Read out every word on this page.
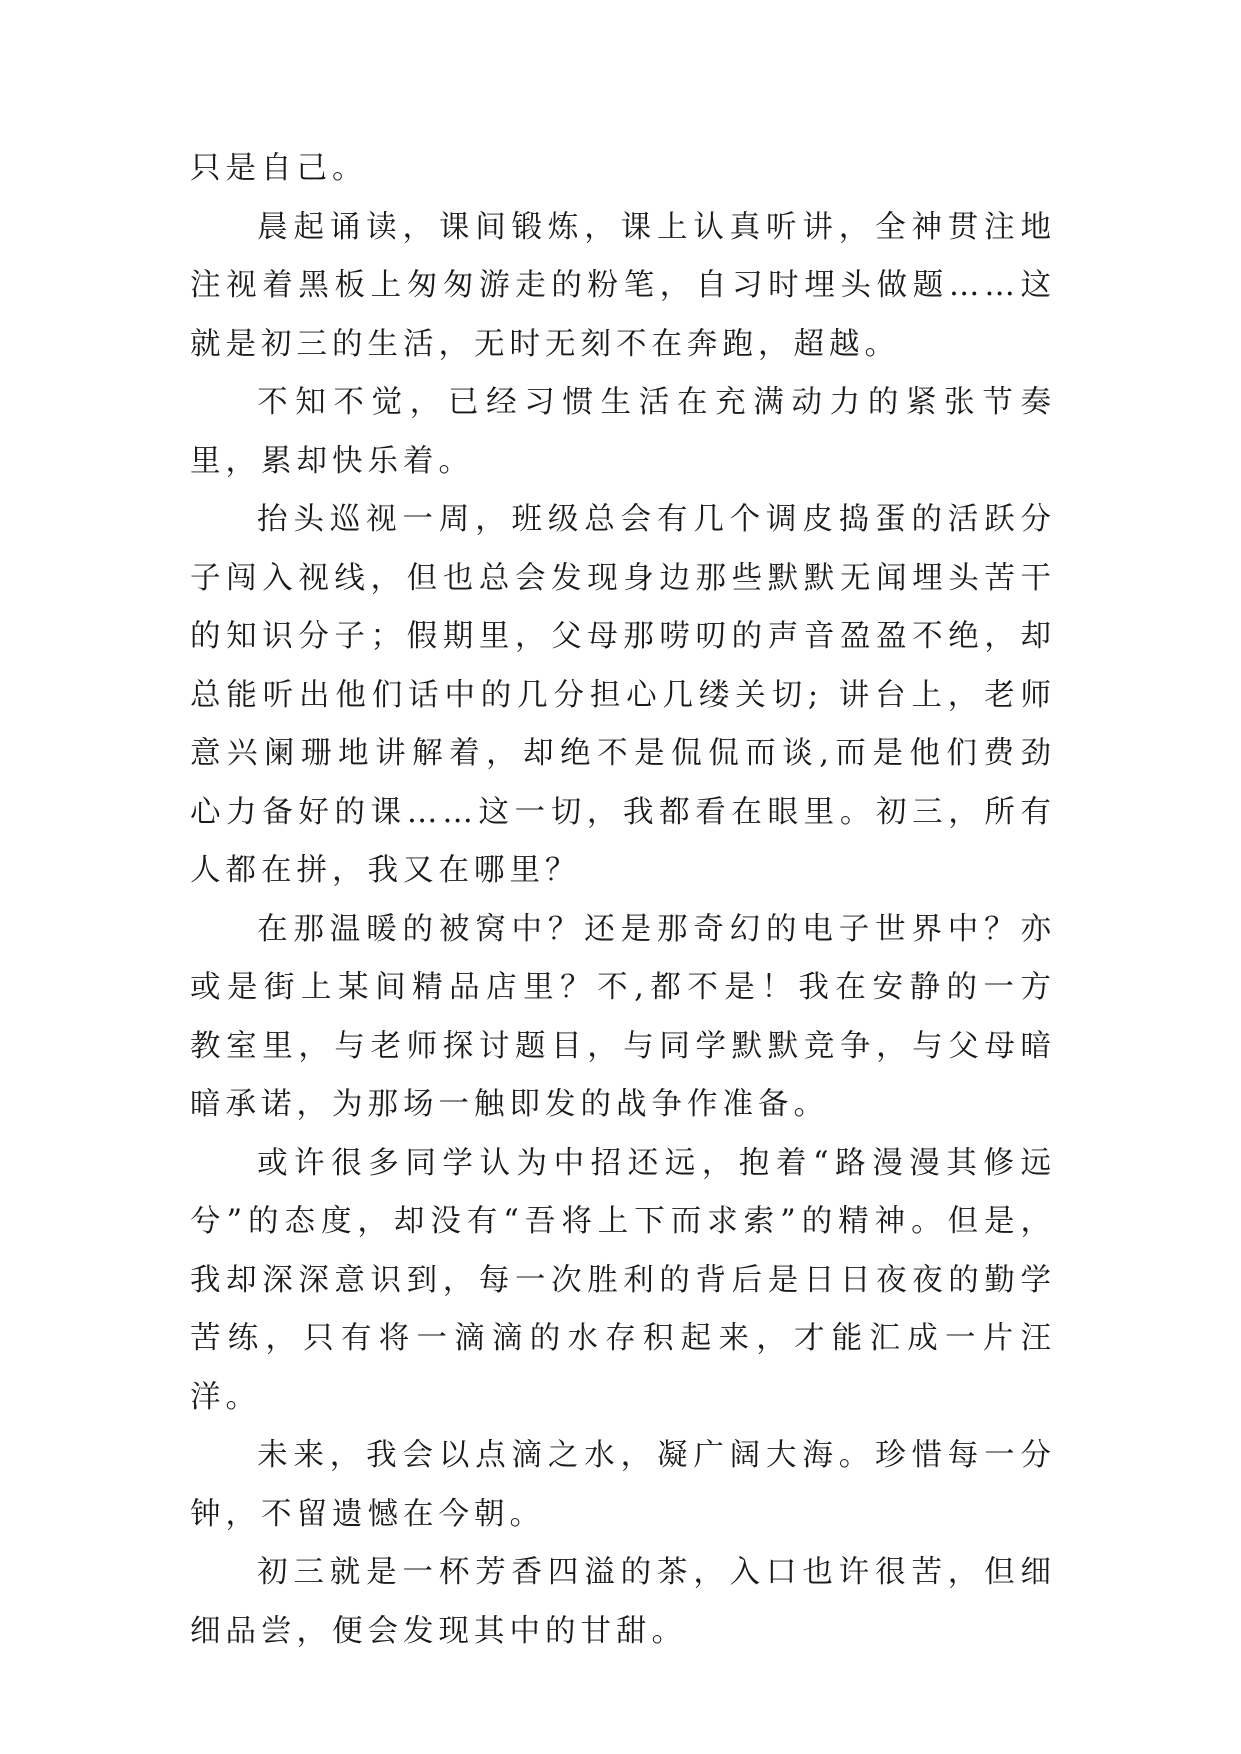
只是自己。

晨起诵读，课间锻炼，课上认真听讲，全神贯注地注视着黑板上匆匆游走的粉笔，自习时埋头做题……这就是初三的生活，无时无刻不在奔跑，超越。

不知不觉，已经习惯生活在充满动力的紧张节奏里，累却快乐着。

抬头巡视一周，班级总会有几个调皮捣蛋的活跃分子闯入视线，但也总会发现身边那些默默无闻埋头苦干的知识分子；假期里，父母那唠叨的声音盈盈不绝，却总能听出他们话中的几分担心几缕关切; 讲台上，老师意兴阑珊地讲解着，却绝不是侃侃而谈,而是他们费劲心力备好的课……这一切，我都看在眼里。初三，所有人都在拼，我又在哪里？

在那温暖的被窝中？还是那奇幻的电子世界中？亦或是街上某间精品店里？不,都不是！我在安静的一方教室里，与老师探讨题目，与同学默默竞争，与父母暗暗承诺，为那场一触即发的战争作准备。

或许很多同学认为中招还远，抱着“路漫漫其修远兮”的态度，却没有“吾将上下而求索”的精神。但是，我却深深意识到，每一次胜利的背后是日日夜夜的勤学苦练，只有将一滴滴的水存积起来，才能汇成一片汪洋。

未来，我会以点滴之水，凝广阔大海。珍惜每一分钟，不留遗憾在今朝。

初三就是一杯芳香四溢的茶，入口也许很苦，但细细品尝，便会发现其中的甘甜。
